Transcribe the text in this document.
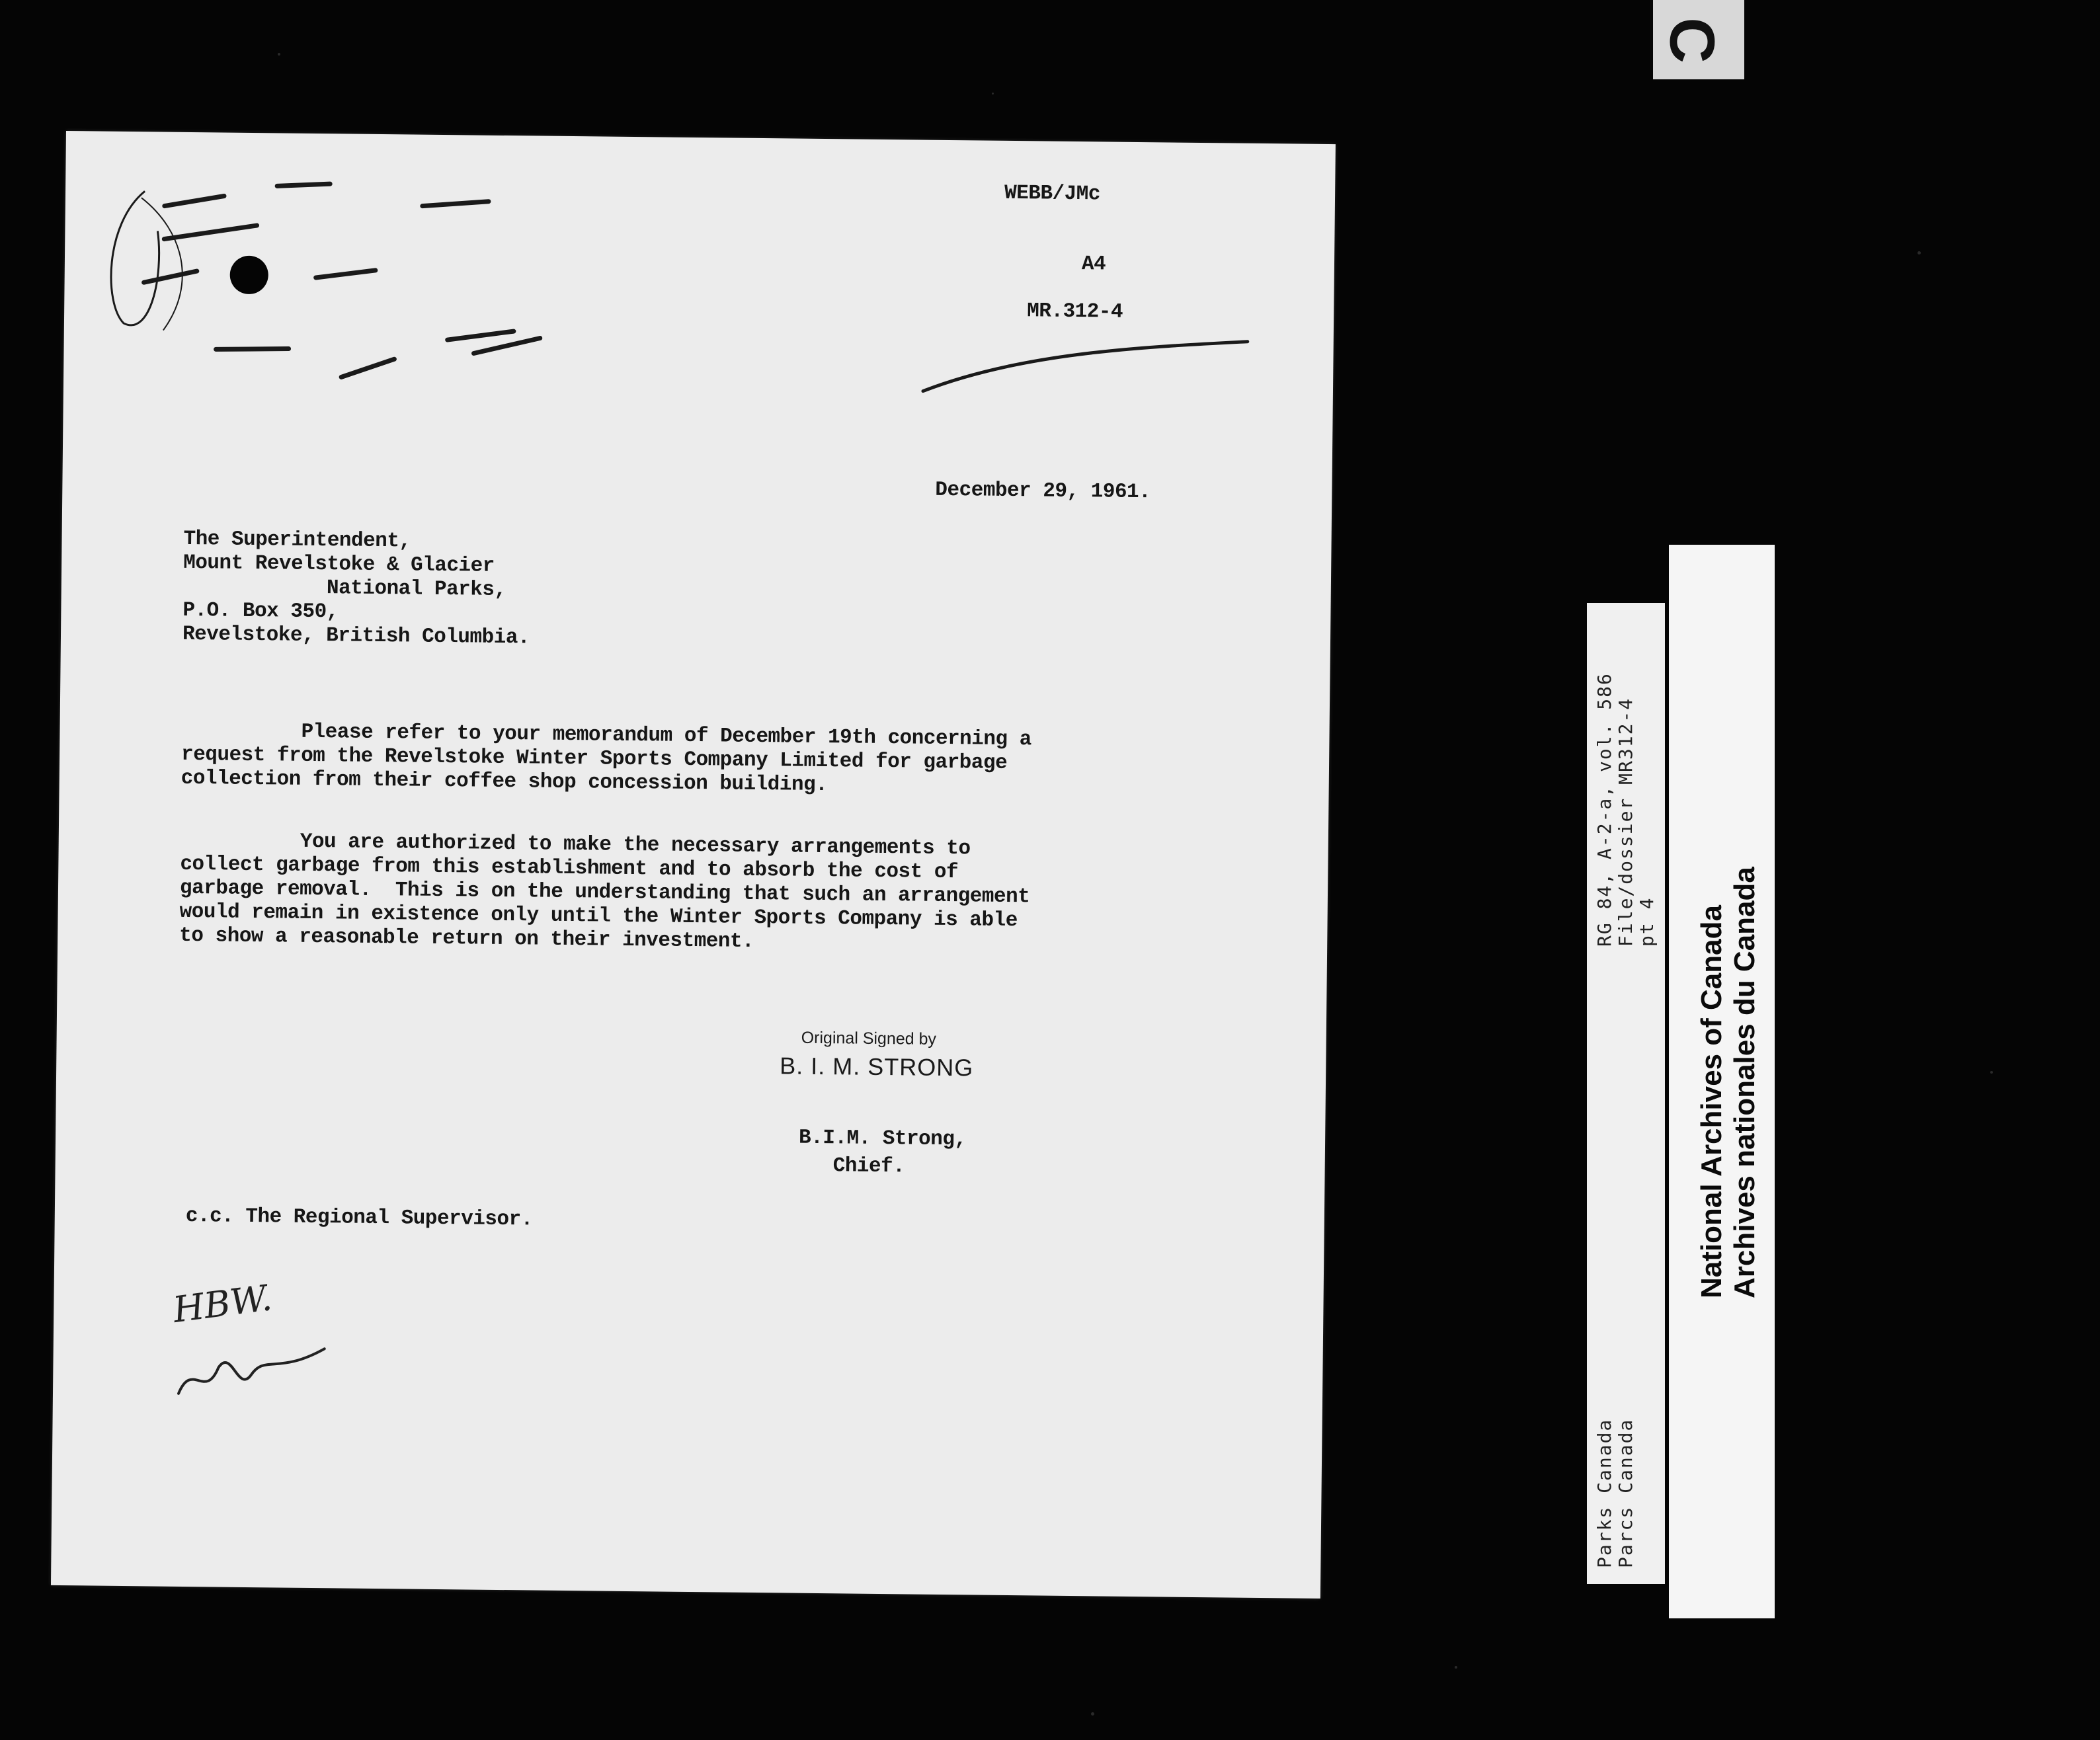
C
WEBB/JMc
A4
MR.312-4
December 29, 1961.
The Superintendent,
Mount Revelstoke & Glacier
National Parks,
P.O. Box 350,
Revelstoke, British Columbia.
Please refer to your memorandum of December 19th concerning a
request from the Revelstoke Winter Sports Company Limited for garbage
collection from their coffee shop concession building.
You are authorized to make the necessary arrangements to
collect garbage from this establishment and to absorb the cost of
garbage removal.  This is on the understanding that such an arrangement
would remain in existence only until the Winter Sports Company is able
to show a reasonable return on their investment.
Original Signed by
B. I. M. STRONG
B.I.M. Strong,
Chief.
c.c. The Regional Supervisor.
HBW.
RG 84, A-2-a, vol. 586 File/dossier MR312-4 pt 4
Parks Canada Parcs Canada
National Archives of Canada Archives nationales du Canada
